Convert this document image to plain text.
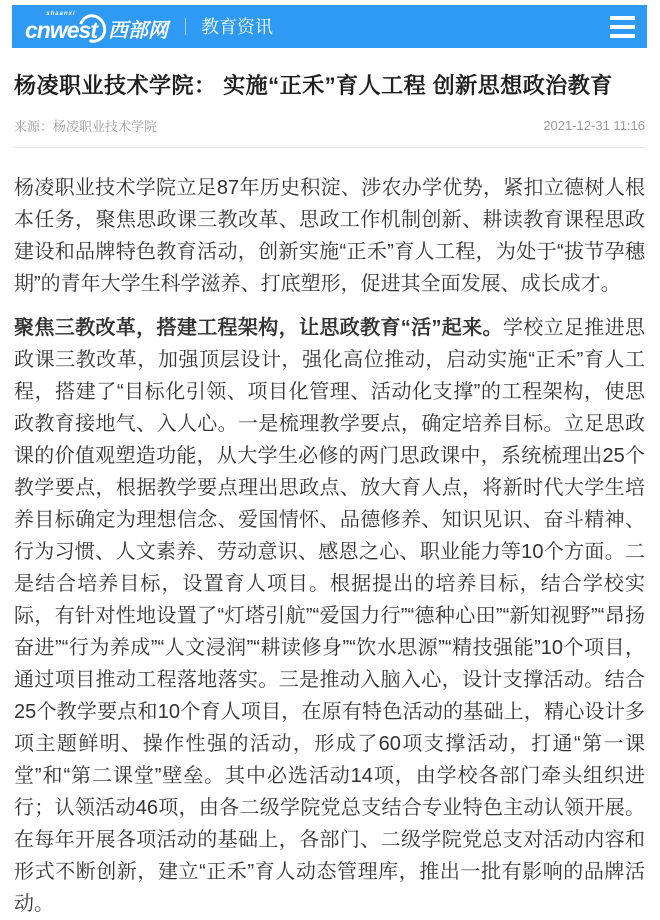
shaanxi
cnwest 西部网 教育资讯
杨凌职业技术学院： 实施“正禾”育人工程 创新思想政治教育
来源：杨凌职业技术学院	2021-12-31 11:16

杨凌职业技术学院立足87年历史积淀、涉农办学优势，紧扣立德树人根本任务，聚焦思政课三教改革、思政工作机制创新、耕读教育课程思政建设和品牌特色教育活动，创新实施“正禾”育人工程，为处于“拔节孕穗期”的青年大学生科学滋养、打底塑形，促进其全面发展、成长成才。

聚焦三教改革，搭建工程架构，让思政教育“活”起来。学校立足推进思政课三教改革，加强顶层设计，强化高位推动，启动实施“正禾”育人工程，搭建了“目标化引领、项目化管理、活动化支撑”的工程架构，使思政教育接地气、入人心。一是梳理教学要点，确定培养目标。立足思政课的价值观塑造功能，从大学生必修的两门思政课中，系统梳理出25个教学要点，根据教学要点理出思政点、放大育人点，将新时代大学生培养目标确定为理想信念、爱国情怀、品德修养、知识见识、奋斗精神、行为习惯、人文素养、劳动意识、感恩之心、职业能力等10个方面。二是结合培养目标，设置育人项目。根据提出的培养目标，结合学校实际，有针对性地设置了“灯塔引航”“爱国力行”“德种心田”“新知视野”“昂扬奋进”“行为养成”“人文浸润”“耕读修身”“饮水思源”“精技强能”10个项目，通过项目推动工程落地落实。三是推动入脑入心，设计支撑活动。结合25个教学要点和10个育人项目，在原有特色活动的基础上，精心设计多项主题鲜明、操作性强的活动，形成了60项支撑活动，打通“第一课堂”和“第二课堂”壁垒。其中必选活动14项，由学校各部门牵头组织进行；认领活动46项，由各二级学院党总支结合专业特色主动认领开展。在每年开展各项活动的基础上，各部门、二级学院党总支对活动内容和形式不断创新，建立“正禾”育人动态管理库，推出一批有影响的品牌活动。
